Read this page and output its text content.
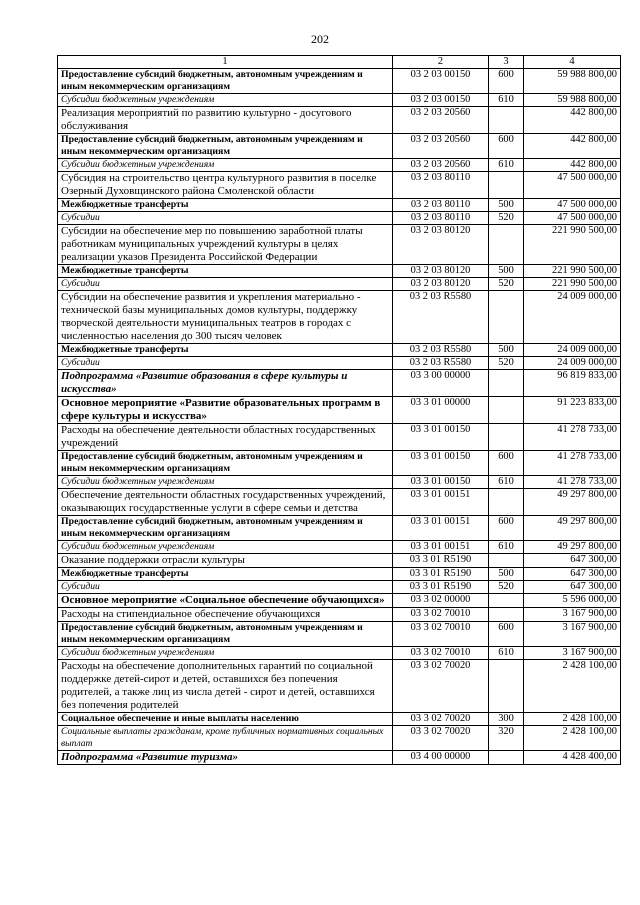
202
1	2	3	4
Предоставление субсидий бюджетным, автономным учреждениям и иным некоммерческим организациям	03 2 03 00150	600	59 988 800,00
Субсидии бюджетным учреждениям	03 2 03 00150	610	59 988 800,00
Реализация мероприятий по развитию культурно - досугового обслуживания	03 2 03 20560		442 800,00
Предоставление субсидий бюджетным, автономным учреждениям и иным некоммерческим организациям	03 2 03 20560	600	442 800,00
Субсидии бюджетным учреждениям	03 2 03 20560	610	442 800,00
Субсидия на строительство центра культурного развития в поселке Озерный Духовщинского района Смоленской области	03 2 03 80110		47 500 000,00
Межбюджетные трансферты	03 2 03 80110	500	47 500 000,00
Субсидии	03 2 03 80110	520	47 500 000,00
Субсидии на обеспечение мер по повышению заработной платы работникам муниципальных учреждений культуры в целях реализации указов Президента Российской Федерации	03 2 03 80120		221 990 500,00
Межбюджетные трансферты	03 2 03 80120	500	221 990 500,00
Субсидии	03 2 03 80120	520	221 990 500,00
Субсидии на обеспечение развития и укрепления материально - технической базы муниципальных домов культуры, поддержку творческой деятельности муниципальных театров в городах с численностью населения до 300 тысяч человек	03 2 03 R5580		24 009 000,00
Межбюджетные трансферты	03 2 03 R5580	500	24 009 000,00
Субсидии	03 2 03 R5580	520	24 009 000,00
Подпрограмма «Развитие образования в сфере культуры и искусства»	03 3 00 00000		96 819 833,00
Основное мероприятие «Развитие образовательных программ в сфере культуры и искусства»	03 3 01 00000		91 223 833,00
Расходы на обеспечение деятельности областных государственных учреждений	03 3 01 00150		41 278 733,00
Предоставление субсидий бюджетным, автономным учреждениям и иным некоммерческим организациям	03 3 01 00150	600	41 278 733,00
Субсидии бюджетным учреждениям	03 3 01 00150	610	41 278 733,00
Обеспечение деятельности областных государственных учреждений, оказывающих государственные услуги в сфере семьи и детства	03 3 01 00151		49 297 800,00
Предоставление субсидий бюджетным, автономным учреждениям и иным некоммерческим организациям	03 3 01 00151	600	49 297 800,00
Субсидии бюджетным учреждениям	03 3 01 00151	610	49 297 800,00
Оказание поддержки отрасли культуры	03 3 01 R5190		647 300,00
Межбюджетные трансферты	03 3 01 R5190	500	647 300,00
Субсидии	03 3 01 R5190	520	647 300,00
Основное мероприятие «Социальное обеспечение обучающихся»	03 3 02 00000		5 596 000,00
Расходы на стипендиальное обеспечение обучающихся	03 3 02 70010		3 167 900,00
Предоставление субсидий бюджетным, автономным учреждениям и иным некоммерческим организациям	03 3 02 70010	600	3 167 900,00
Субсидии бюджетным учреждениям	03 3 02 70010	610	3 167 900,00
Расходы на обеспечение дополнительных гарантий по социальной поддержке детей-сирот и детей, оставшихся без попечения родителей, а также лиц из числа детей - сирот и детей, оставшихся без попечения родителей	03 3 02 70020		2 428 100,00
Социальное обеспечение и иные выплаты населению	03 3 02 70020	300	2 428 100,00
Социальные выплаты гражданам, кроме публичных нормативных социальных выплат	03 3 02 70020	320	2 428 100,00
Подпрограмма «Развитие туризма»	03 4 00 00000		4 428 400,00
